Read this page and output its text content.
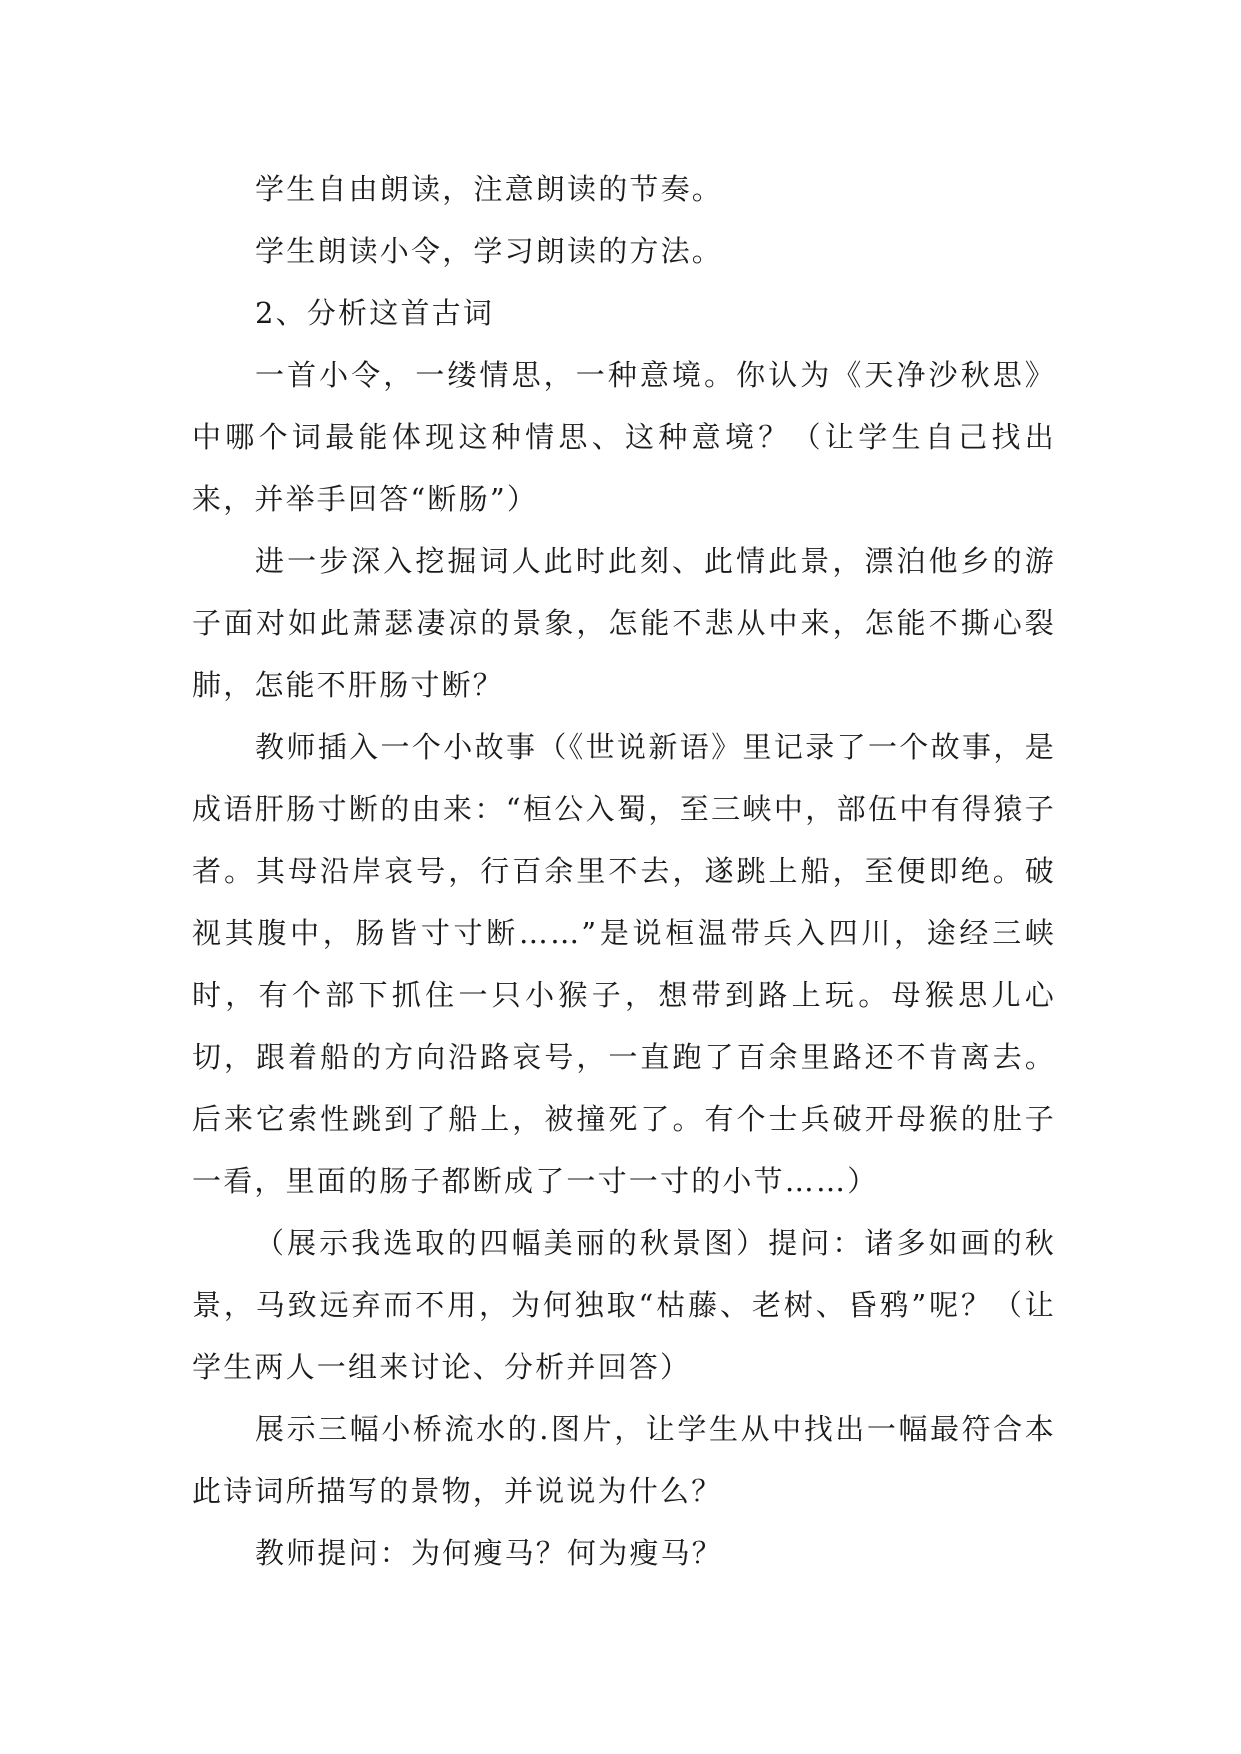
学生自由朗读，注意朗读的节奏。

学生朗读小令，学习朗读的方法。

2、分析这首古词

一首小令，一缕情思，一种意境。你认为《天净沙秋思》中哪个词最能体现这种情思、这种意境？（让学生自己找出来，并举手回答“断肠”）

进一步深入挖掘词人此时此刻、此情此景，漂泊他乡的游子面对如此萧瑟凄凉的景象，怎能不悲从中来，怎能不撕心裂肺，怎能不肝肠寸断？

教师插入一个小故事（《世说新语》里记录了一个故事，是成语肝肠寸断的由来：“桓公入蜀，至三峡中，部伍中有得猿子者。其母沿岸哀号，行百余里不去，遂跳上船，至便即绝。破视其腹中，肠皆寸寸断……”是说桓温带兵入四川，途经三峡时，有个部下抓住一只小猴子，想带到路上玩。母猴思儿心切，跟着船的方向沿路哀号，一直跑了百余里路还不肯离去。后来它索性跳到了船上，被撞死了。有个士兵破开母猴的肚子一看，里面的肠子都断成了一寸一寸的小节……）

（展示我选取的四幅美丽的秋景图）提问：诸多如画的秋景，马致远弃而不用，为何独取“枯藤、老树、昏鸦”呢？（让学生两人一组来讨论、分析并回答）

展示三幅小桥流水的.图片，让学生从中找出一幅最符合本此诗词所描写的景物，并说说为什么？

教师提问：为何瘦马？何为瘦马？
